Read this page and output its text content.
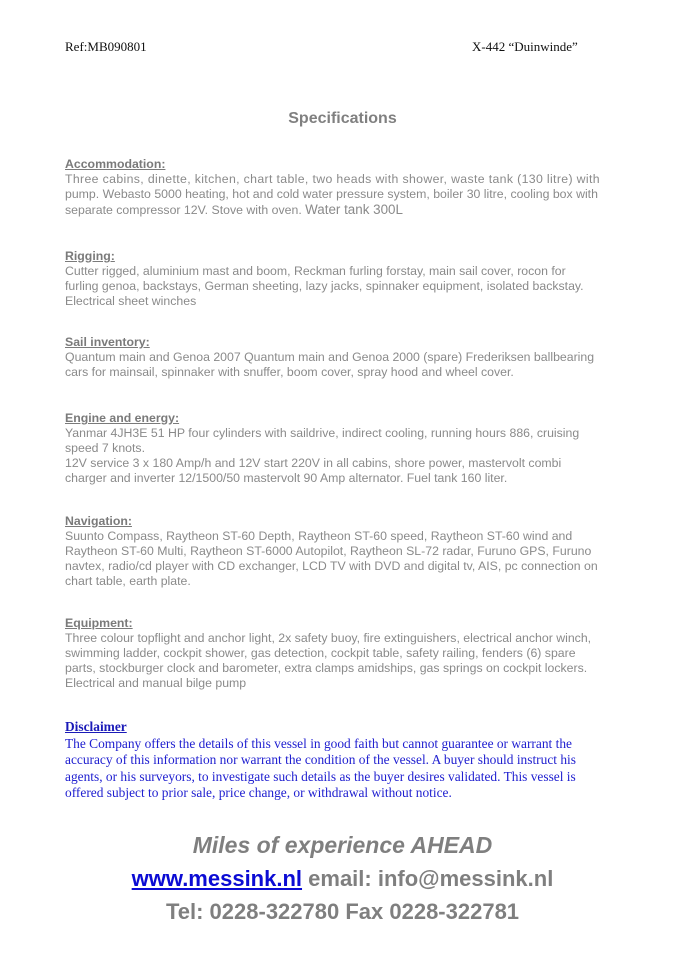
Ref:MB090801	X-442 “Duinwinde”
Specifications
Accommodation:
Three cabins, dinette, kitchen, chart table, two heads with shower, waste tank (130 litre) with
pump. Webasto 5000 heating, hot and cold water pressure system, boiler 30 litre, cooling box with
separate compressor 12V. Stove with oven. Water tank 300L
Rigging:
Cutter rigged, aluminium mast and boom, Reckman furling forstay, main sail cover, rocon for
furling genoa, backstays, German sheeting, lazy jacks, spinnaker equipment, isolated backstay.
Electrical sheet winches
Sail inventory:
Quantum main and Genoa 2007 Quantum main and Genoa 2000 (spare) Frederiksen ballbearing
cars for mainsail, spinnaker with snuffer, boom cover, spray hood and wheel cover.
Engine and energy:
Yanmar 4JH3E 51 HP four cylinders with saildrive, indirect cooling, running hours 886, cruising
speed 7 knots.
12V service 3 x 180 Amp/h and 12V start 220V in all cabins, shore power, mastervolt combi
charger and inverter 12/1500/50 mastervolt 90 Amp alternator. Fuel tank 160 liter.
Navigation:
Suunto Compass, Raytheon ST-60 Depth, Raytheon ST-60 speed, Raytheon ST-60 wind and
Raytheon ST-60 Multi, Raytheon ST-6000 Autopilot, Raytheon SL-72 radar, Furuno GPS, Furuno
navtex, radio/cd player with CD exchanger, LCD TV with DVD and digital tv, AIS, pc connection on
chart table, earth plate.
Equipment:
Three colour topflight and anchor light, 2x safety buoy, fire extinguishers, electrical anchor winch,
swimming ladder, cockpit shower, gas detection, cockpit table, safety railing, fenders (6) spare
parts, stockburger clock and barometer, extra clamps amidships, gas springs on cockpit lockers.
Electrical and manual bilge pump
Disclaimer
The Company offers the details of this vessel in good faith but cannot guarantee or warrant the
accuracy of this information nor warrant the condition of the vessel. A buyer should instruct his
agents, or his surveyors, to investigate such details as the buyer desires validated. This vessel is
offered subject to prior sale, price change, or withdrawal without notice.
Miles of experience AHEAD
www.messink.nl email: info@messink.nl
Tel: 0228-322780 Fax 0228-322781
